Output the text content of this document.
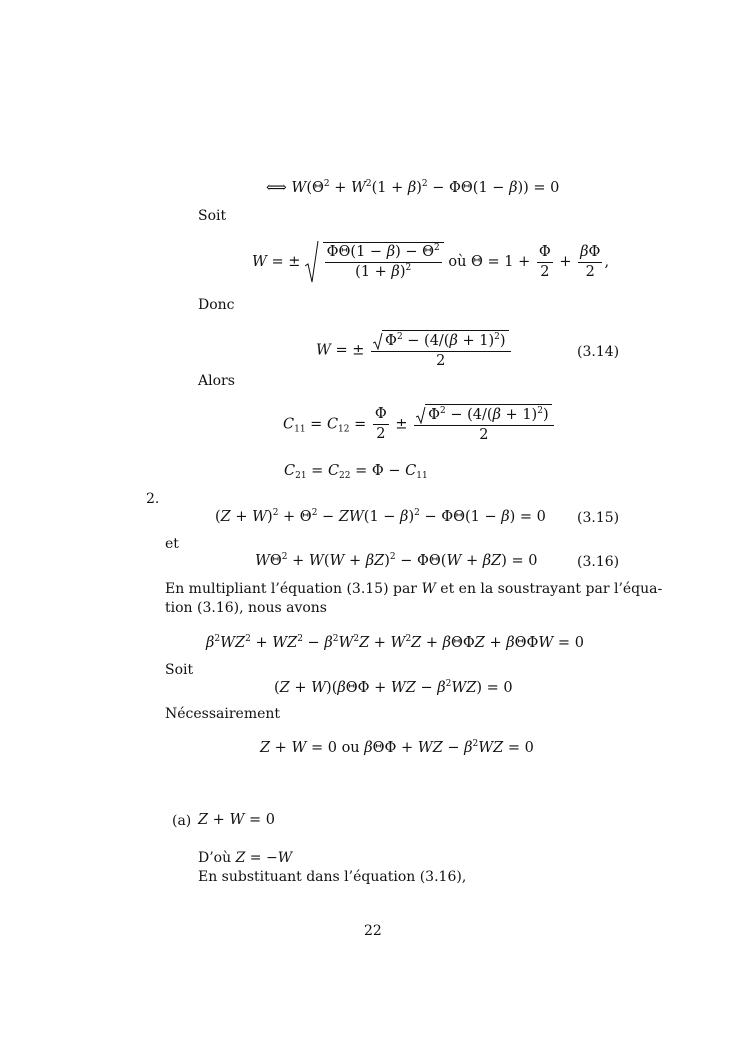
⟺ $W(\Theta^2 + W^2(1 + \beta)^2 - \Phi\Theta(1 - \beta)) = 0$
Soit
W = ± $\frac{\Phi\Theta(1 - \beta) - \Theta^2}{(1 + \beta)^2}$ où $\Theta = 1 + \frac{\Phi}{2} + \frac{\beta\Phi}{2}$ ,
Donc
W = ± $\frac{\Phi^2 - (4/(\beta + 1)^2)}{2}$	(3.14)
Alors
$C_{11} = C_{12} = \frac{\Phi}{2} \pm \frac{\Phi^2 - (4/(\beta + 1)^2)}{2}$
$C_{21} = C_{22} = \Phi - C_{11}$
2.
$(Z + W)^2 + \Theta^2 - ZW(1 - \beta)^2 - \Phi\Theta(1 - \beta) = 0$ (3.15)
et
$W\Theta^2 + W(W + \beta Z)^2 - \Phi\Theta(W + \beta Z) = 0$	(3.16)
En multipliant l’équation (3.15) par W et en la soustrayant par l’équa-
tion (3.16), nous avons
$\beta^2WZ^2 + WZ^2 - \beta^2W^2Z + W^2Z + \beta\Theta\Phi Z + \beta\Theta\Phi W = 0$
Soit
(Z + W)(βΘΦ + WZ − $\beta^2WZ) = 0$
Nécessairement
Z + W = 0 ou βΘΦ + WZ − $\beta^2WZ = 0$
(a) Z + W = 0
D’où Z = −W
En substituant dans l’équation (3.16),
22
